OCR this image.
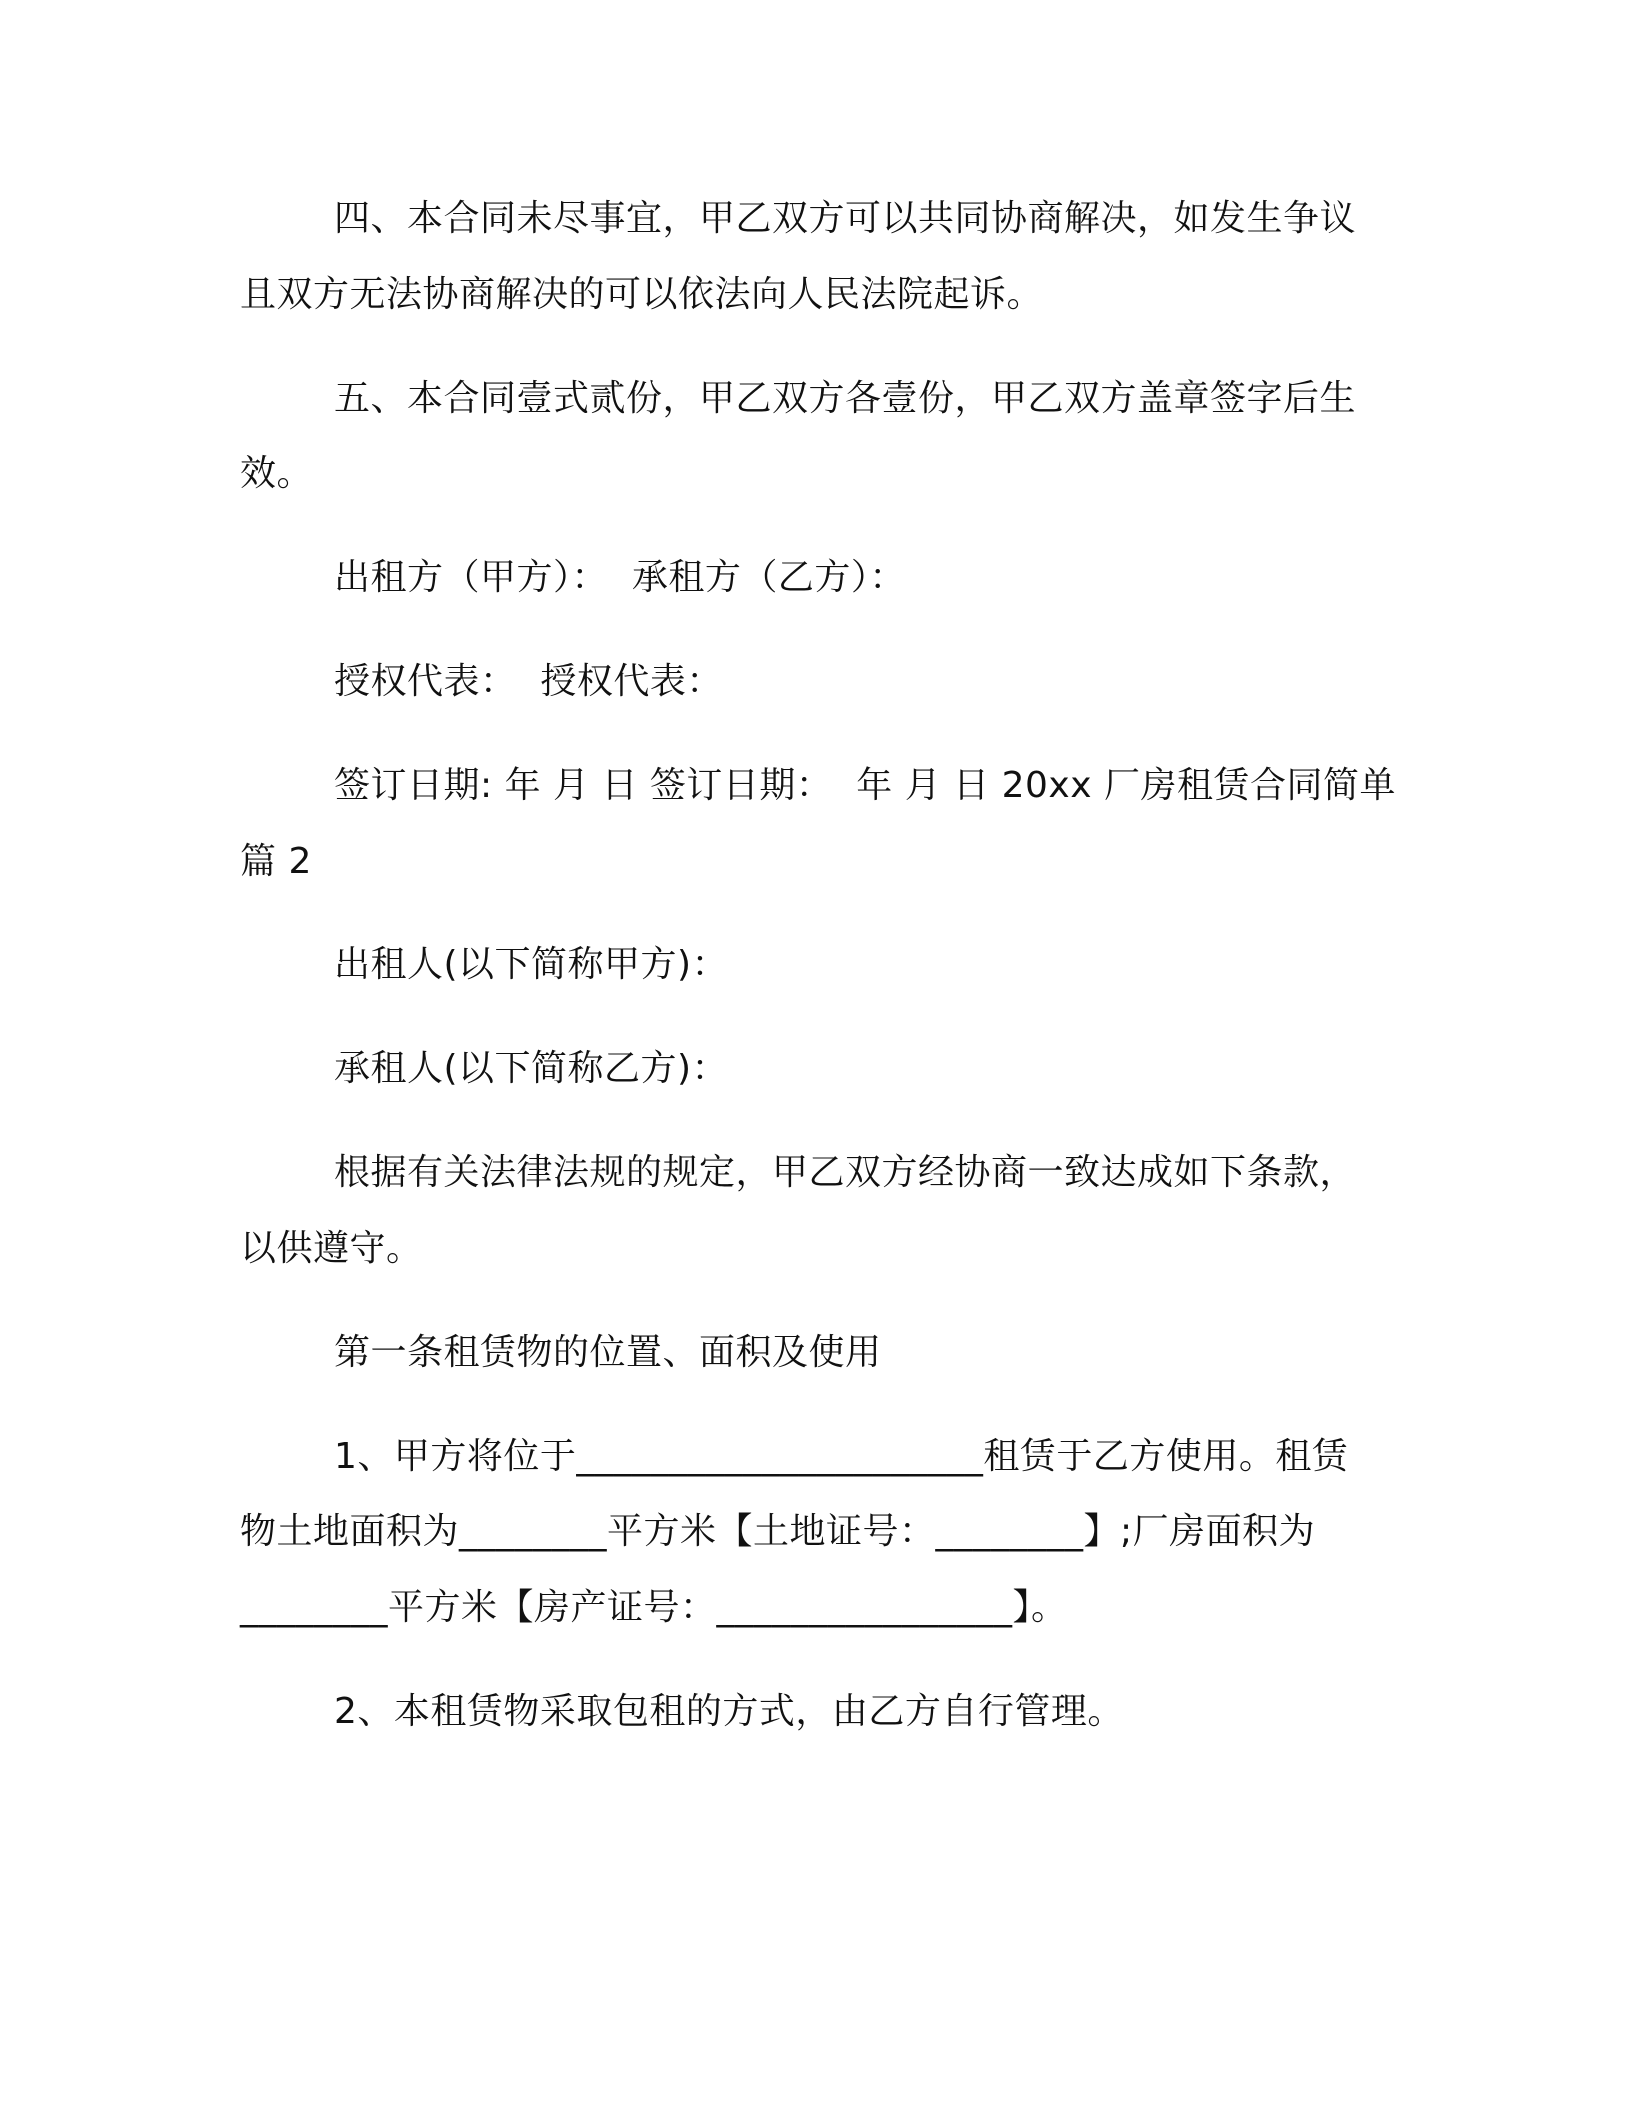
四、本合同未尽事宜，甲乙双方可以共同协商解决，如发生争议
且双方无法协商解决的可以依法向人民法院起诉。
五、本合同壹式贰份，甲乙双方各壹份，甲乙双方盖章签字后生
效。
出租方（甲方）：  承租方（乙方）：
授权代表：  授权代表：
签订日期: 年 月 日 签订日期：  年 月 日 20xx 厂房租赁合同简单
篇 2
出租人(以下简称甲方)：
承租人(以下简称乙方)：
根据有关法律法规的规定，甲乙双方经协商一致达成如下条款，
以供遵守。
第一条租赁物的位置、面积及使用
1、甲方将位于______________________租赁于乙方使用。租赁
物土地面积为________平方米【土地证号：________】;厂房面积为
________平方米【房产证号：________________】。
2、本租赁物采取包租的方式，由乙方自行管理。
